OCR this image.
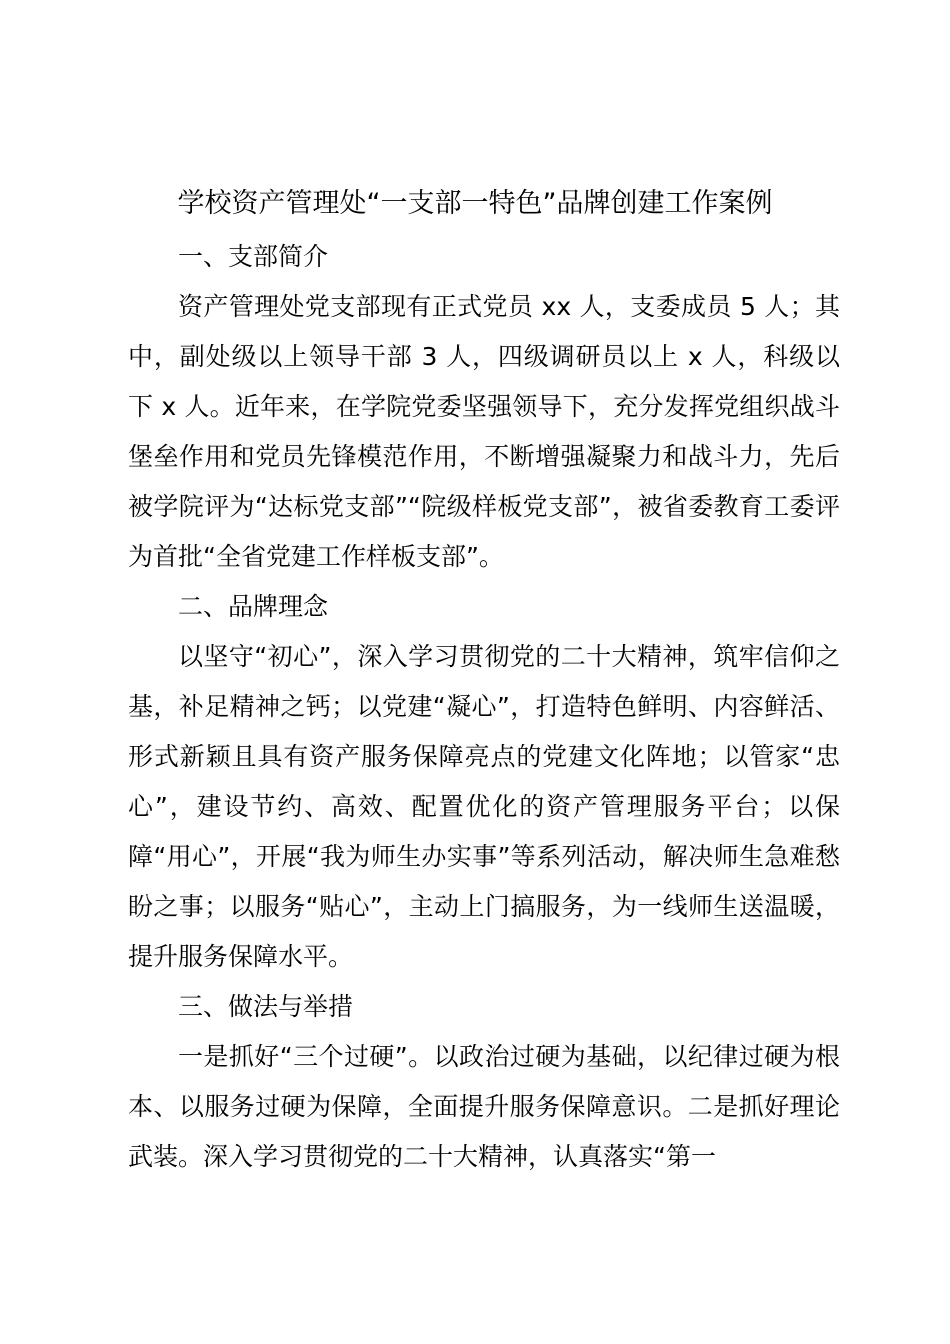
学校资产管理处“一支部一特色”品牌创建工作案例
一、支部简介

资产管理处党支部现有正式党员 xx 人，支委成员 5 人；其中，副处级以上领导干部 3 人，四级调研员以上 x 人，科级以下 x 人。近年来，在学院党委坚强领导下，充分发挥党组织战斗堡垒作用和党员先锋模范作用，不断增强凝聚力和战斗力，先后被学院评为“达标党支部”“院级样板党支部”，被省委教育工委评为首批“全省党建工作样板支部”。

二、品牌理念

以坚守“初心”，深入学习贯彻党的二十大精神，筑牢信仰之基，补足精神之钙；以党建“凝心”，打造特色鲜明、内容鲜活、形式新颖且具有资产服务保障亮点的党建文化阵地；以管家“忠心”，建设节约、高效、配置优化的资产管理服务平台；以保障“用心”，开展“我为师生办实事”等系列活动，解决师生急难愁盼之事；以服务“贴心”，主动上门搞服务，为一线师生送温暖，提升服务保障水平。

三、做法与举措

一是抓好“三个过硬”。以政治过硬为基础，以纪律过硬为根本、以服务过硬为保障，全面提升服务保障意识。二是抓好理论武装。深入学习贯彻党的二十大精神，认真落实“第一
